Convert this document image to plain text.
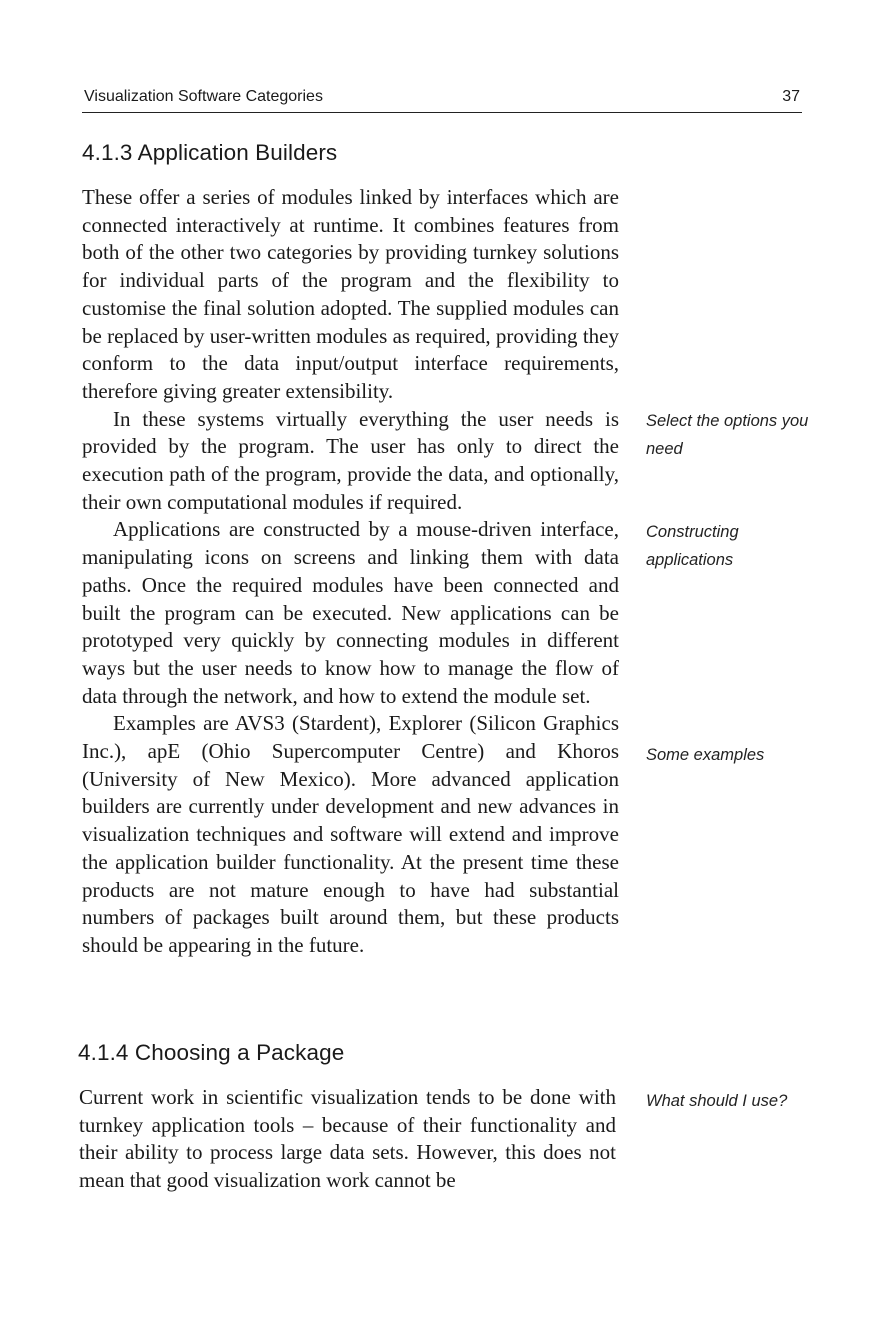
Visualization Software Categories	37
4.1.3 Application Builders

These offer a series of modules linked by interfaces which are connected interactively at runtime. It combines features from both of the other two categories by providing turnkey solutions for individual parts of the program and the flexibility to customise the final solution adopted. The supplied modules can be replaced by user-written modules as required, providing they conform to the data input/output interface requirements, therefore giving greater extensibility.

In these systems virtually everything the user needs is provided by the program. The user has only to direct the execution path of the program, provide the data, and optionally, their own computational modules if required.

Applications are constructed by a mouse-driven interface, manipulating icons on screens and linking them with data paths. Once the required modules have been connected and built the program can be executed. New applications can be prototyped very quickly by connecting modules in different ways but the user needs to know how to manage the flow of data through the network, and how to extend the module set.

Examples are AVS3 (Stardent), Explorer (Silicon Graphics Inc.), apE (Ohio Supercomputer Centre) and Khoros (University of New Mexico). More advanced application builders are currently under development and new advances in visualization techniques and software will extend and improve the application builder functionality. At the present time these products are not mature enough to have had substantial numbers of packages built around them, but these products should be appearing in the future.

4.1.4 Choosing a Package

Current work in scientific visualization tends to be done with turnkey application tools – because of their functionality and their ability to process large data sets. However, this does not mean that good visualization work cannot be

Select the options you need
Constructing applications
Some examples
What should I use?
